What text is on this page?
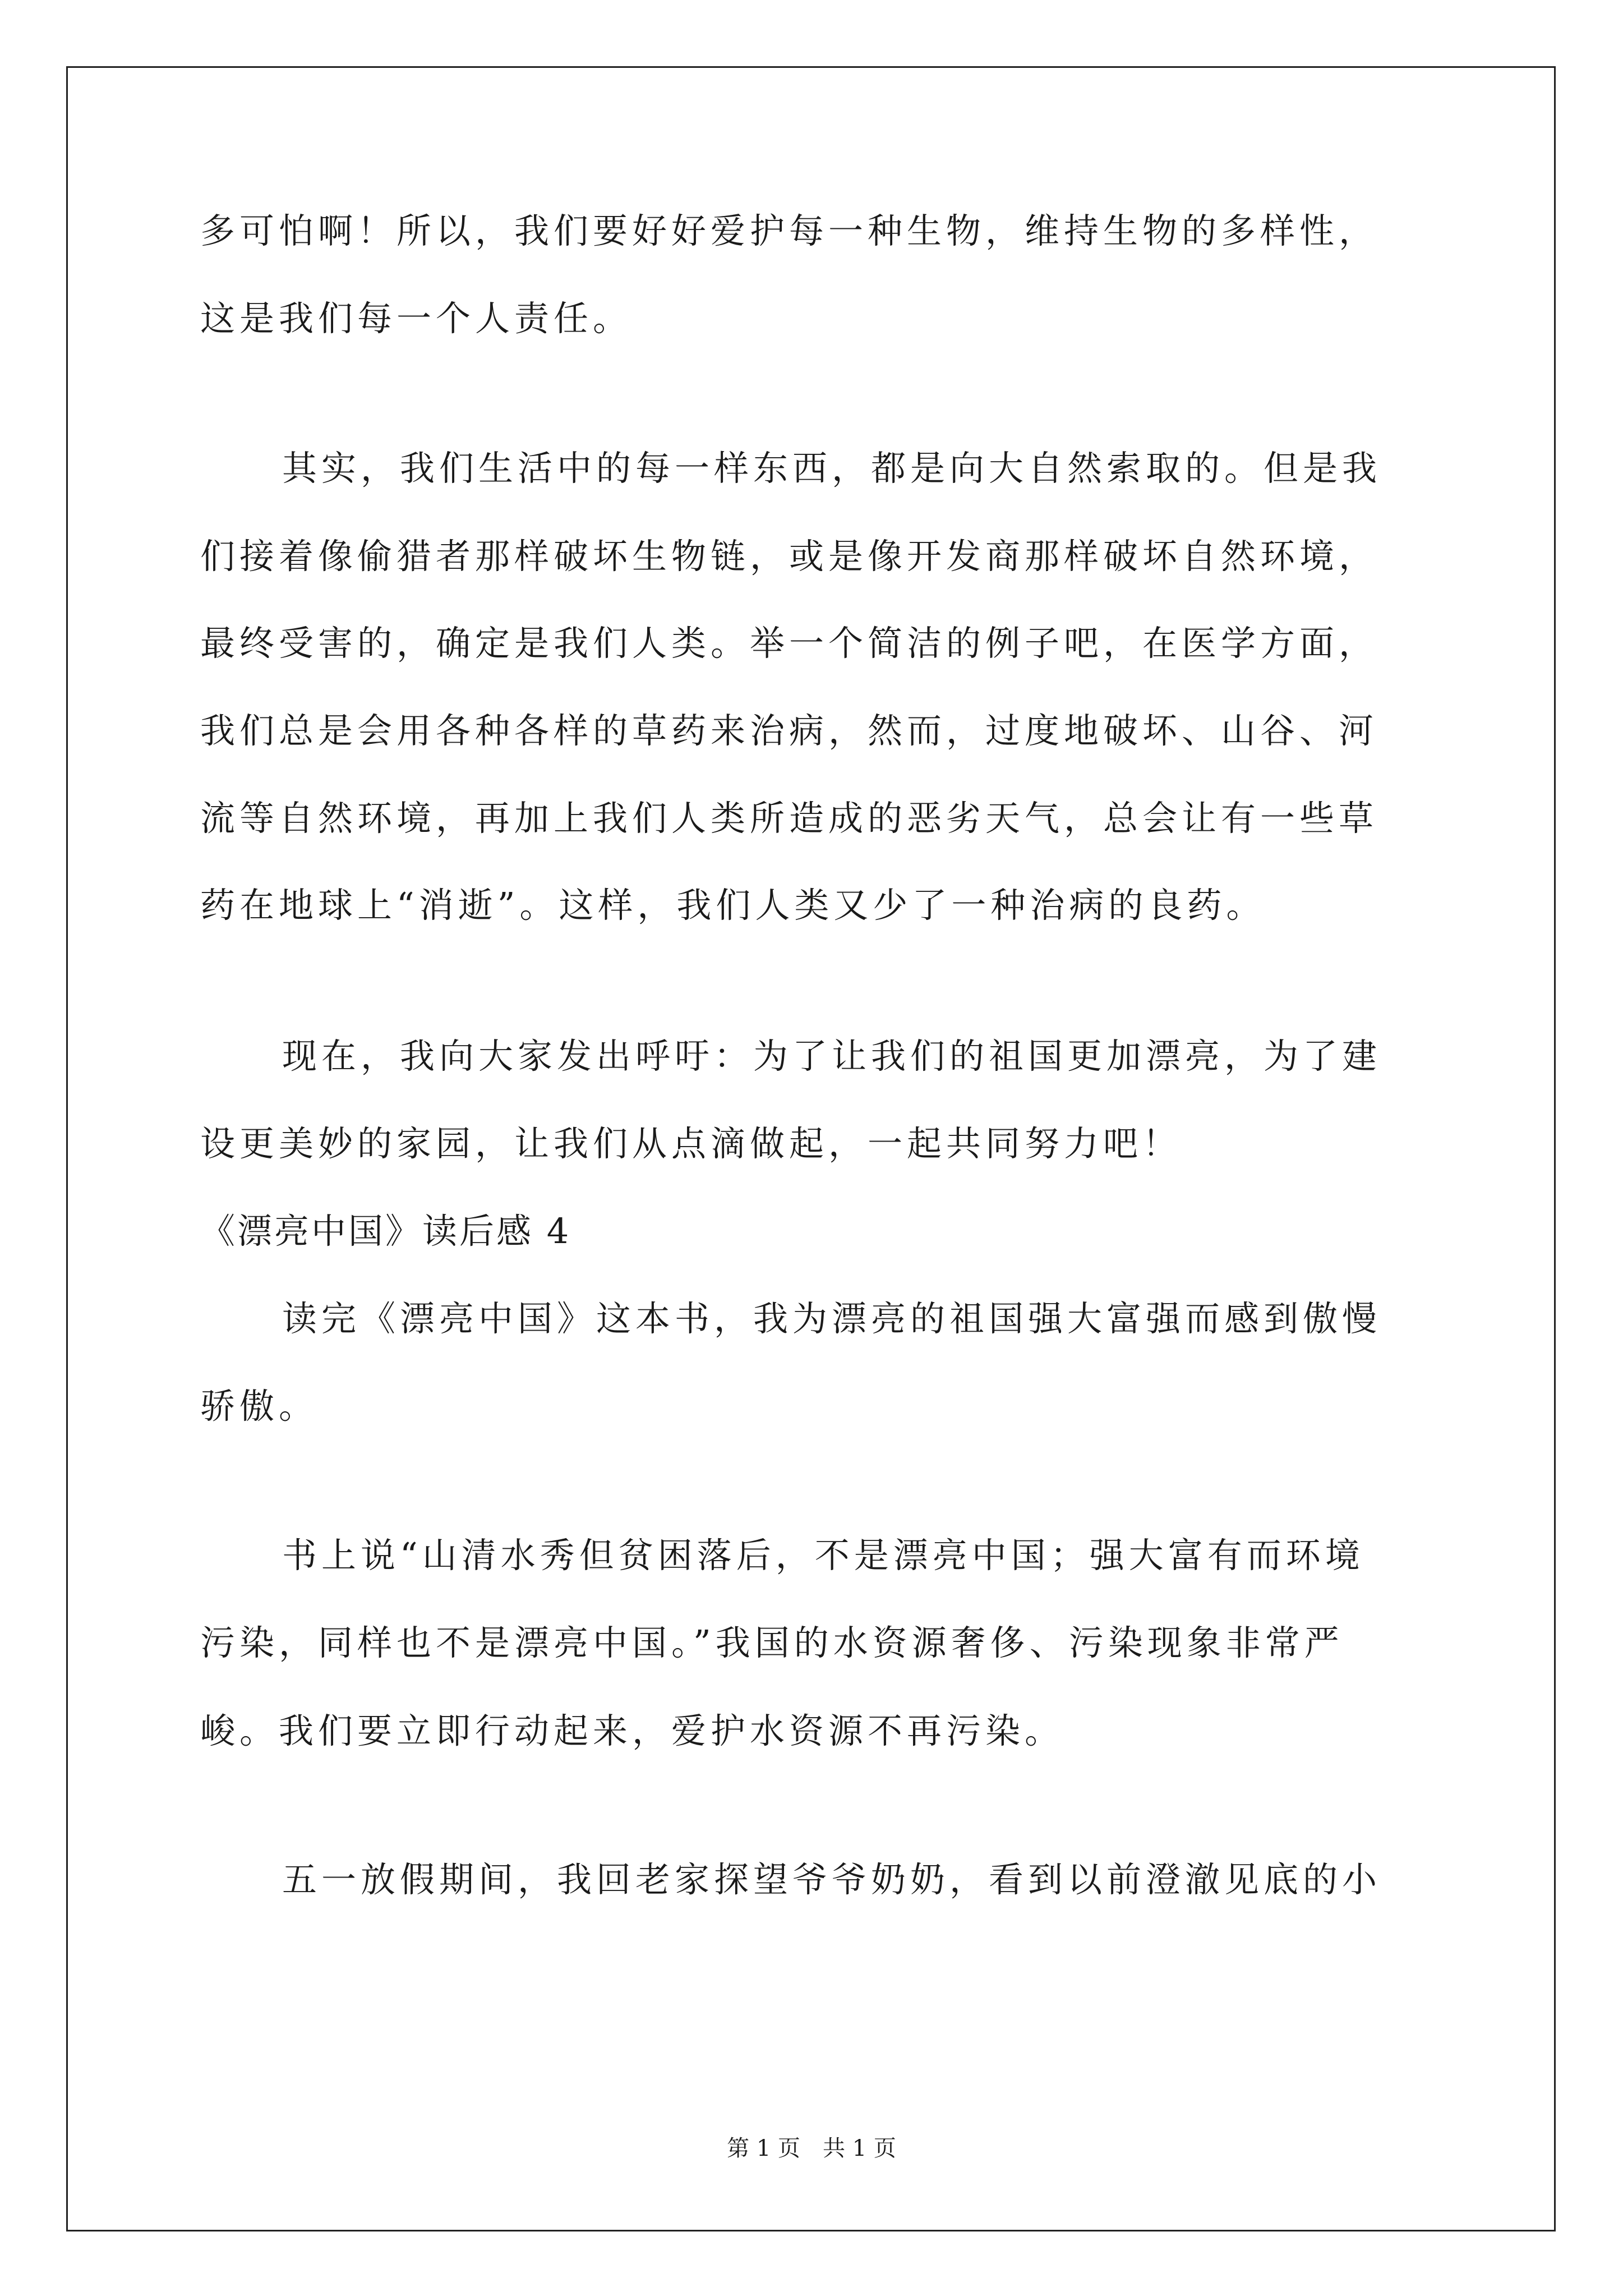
多可怕啊！所以，我们要好好爱护每一种生物，维持生物的多样性，
这是我们每一个人责任。
其实，我们生活中的每一样东西，都是向大自然索取的。但是我
们接着像偷猎者那样破坏生物链，或是像开发商那样破坏自然环境，
最终受害的，确定是我们人类。举一个简洁的例子吧，在医学方面，
我们总是会用各种各样的草药来治病，然而，过度地破坏、山谷、河
流等自然环境，再加上我们人类所造成的恶劣天气，总会让有一些草
药在地球上“消逝”。这样，我们人类又少了一种治病的良药。
现在，我向大家发出呼吁：为了让我们的祖国更加漂亮，为了建
设更美妙的家园，让我们从点滴做起，一起共同努力吧！
《漂亮中国》读后感 4
读完《漂亮中国》这本书，我为漂亮的祖国强大富强而感到傲慢
骄傲。
书上说“山清水秀但贫困落后，不是漂亮中国；强大富有而环境
污染，同样也不是漂亮中国。”我国的水资源奢侈、污染现象非常严
峻。我们要立即行动起来，爱护水资源不再污染。
五一放假期间，我回老家探望爷爷奶奶，看到以前澄澈见底的小
第 1 页　共 1 页
